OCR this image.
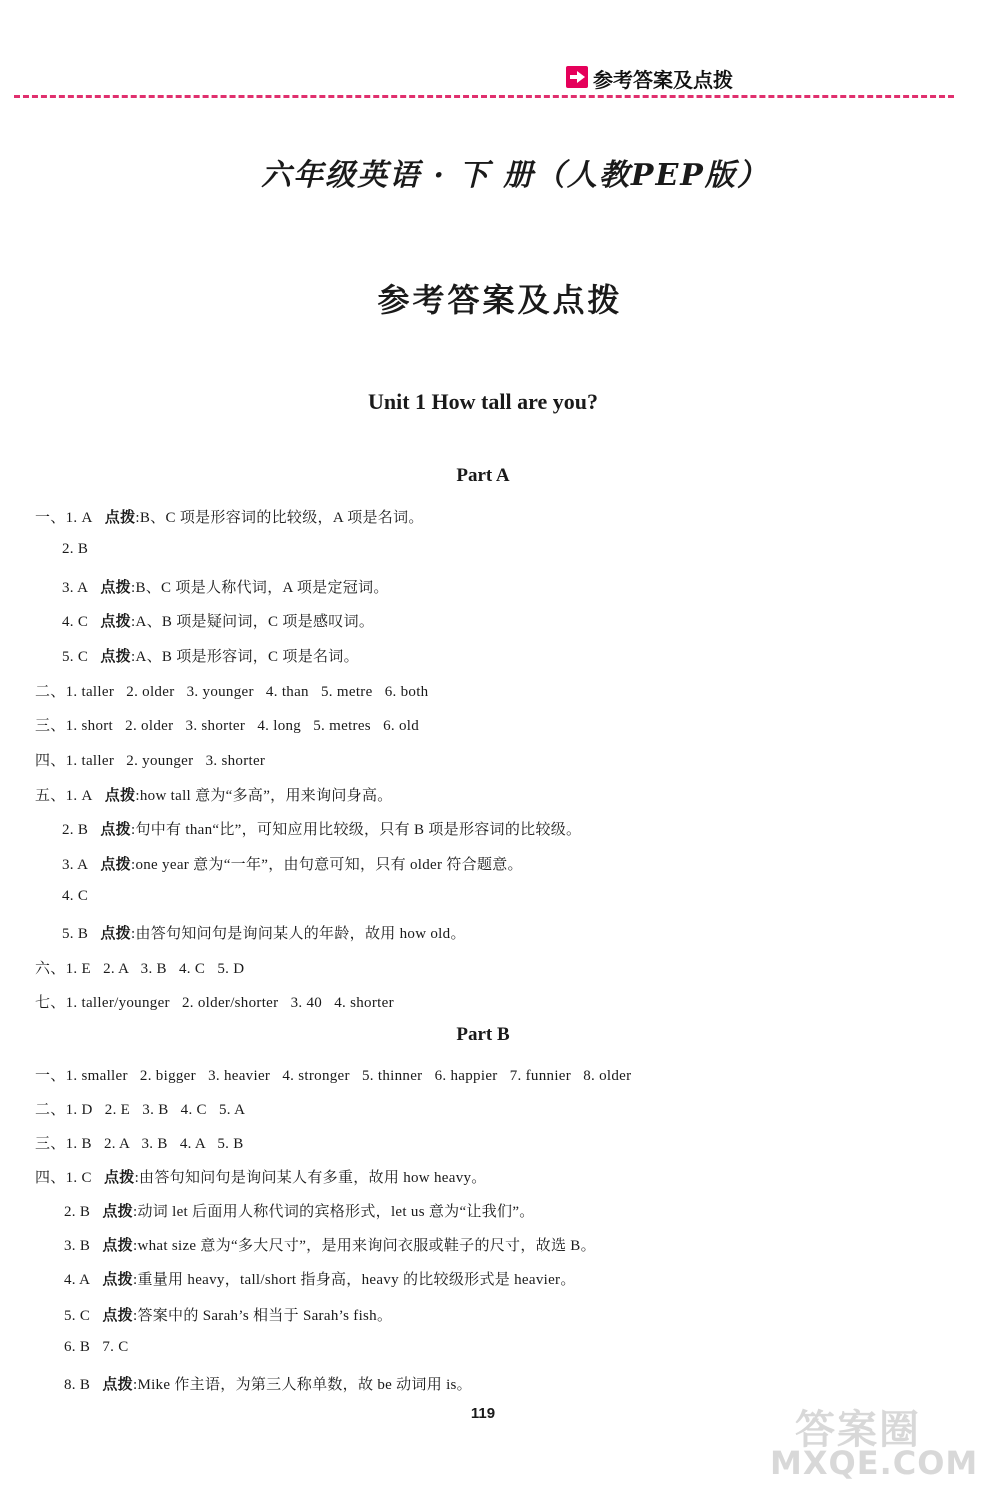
参考答案及点拨
六年级英语 · 下 册（人教PEP版）
参考答案及点拨
Unit 1 How tall are you?
Part A
一、1. A 点拨:B、C 项是形容词的比较级，A 项是名词。
2. B
3. A 点拨:B、C 项是人称代词，A 项是定冠词。
4. C 点拨:A、B 项是疑问词，C 项是感叹词。
5. C 点拨:A、B 项是形容词，C 项是名词。
二、1. taller   2. older   3. younger   4. than   5. metre   6. both
三、1. short   2. older   3. shorter   4. long   5. metres   6. old
四、1. taller   2. younger   3. shorter
五、1. A 点拨:how tall 意为“多高”，用来询问身高。
2. B 点拨:句中有 than“比”，可知应用比较级，只有 B 项是形容词的比较级。
3. A 点拨:one year 意为“一年”，由句意可知，只有 older 符合题意。
4. C
5. B 点拨:由答句知问句是询问某人的年龄，故用 how old。
六、1. E   2. A   3. B   4. C   5. D
七、1. taller/younger   2. older/shorter   3. 40   4. shorter
Part B
一、1. smaller   2. bigger   3. heavier   4. stronger   5. thinner   6. happier   7. funnier   8. older
二、1. D   2. E   3. B   4. C   5. A
三、1. B   2. A   3. B   4. A   5. B
四、1. C 点拨:由答句知问句是询问某人有多重，故用 how heavy。
2. B 点拨:动词 let 后面用人称代词的宾格形式，let us 意为“让我们”。
3. B 点拨:what size 意为“多大尺寸”，是用来询问衣服或鞋子的尺寸，故选 B。
4. A 点拨:重量用 heavy，tall/short 指身高，heavy 的比较级形式是 heavier。
5. C 点拨:答案中的 Sarah’s 相当于 Sarah’s fish。
6. B   7. C
8. B 点拨:Mike 作主语，为第三人称单数，故 be 动词用 is。
119	答案圈
MXQE.COM
